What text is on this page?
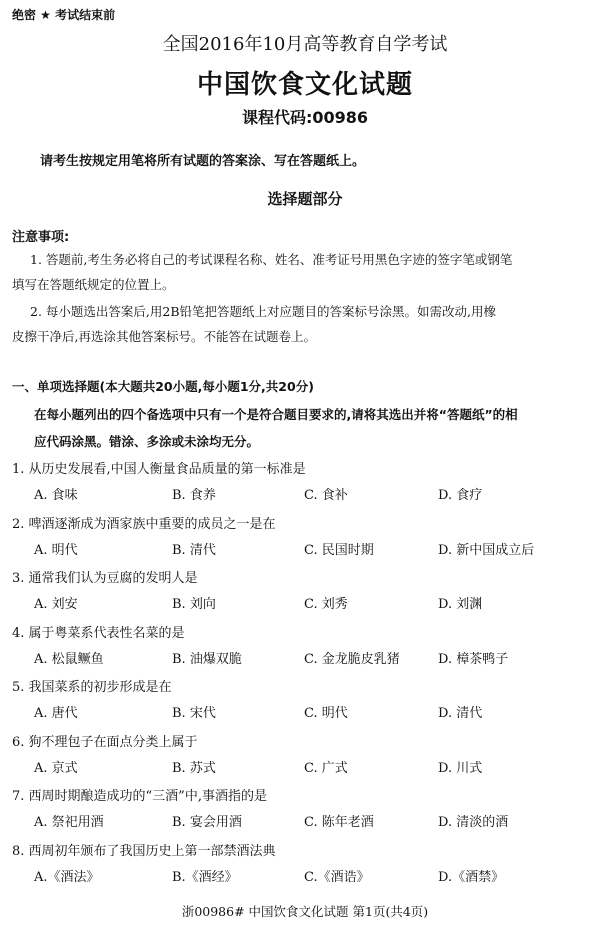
绝密 ★ 考试结束前
全国2016年10月高等教育自学考试
中国饮食文化试题
课程代码:00986
请考生按规定用笔将所有试题的答案涂、写在答题纸上。
选择题部分
注意事项:
1. 答题前,考生务必将自己的考试课程名称、姓名、准考证号用黑色字迹的签字笔或钢笔
填写在答题纸规定的位置上。
2. 每小题选出答案后,用2B铅笔把答题纸上对应题目的答案标号涂黑。如需改动,用橡
皮擦干净后,再选涂其他答案标号。不能答在试题卷上。
一、单项选择题(本大题共20小题,每小题1分,共20分)
在每小题列出的四个备选项中只有一个是符合题目要求的,请将其选出并将“答题纸”的相
应代码涂黑。错涂、多涂或未涂均无分。
1. 从历史发展看,中国人衡量食品质量的第一标准是
A. 食味	B. 食养	C. 食补	D. 食疗
2. 啤酒逐渐成为酒家族中重要的成员之一是在
A. 明代	B. 清代	C. 民国时期	D. 新中国成立后
3. 通常我们认为豆腐的发明人是
A. 刘安	B. 刘向	C. 刘秀	D. 刘渊
4. 属于粤菜系代表性名菜的是
A. 松鼠鳜鱼	B. 油爆双脆	C. 金龙脆皮乳猪	D. 樟茶鸭子
5. 我国菜系的初步形成是在
A. 唐代	B. 宋代	C. 明代	D. 清代
6. 狗不理包子在面点分类上属于
A. 京式	B. 苏式	C. 广式	D. 川式
7. 西周时期酿造成功的“三酒”中,事酒指的是
A. 祭祀用酒	B. 宴会用酒	C. 陈年老酒	D. 清淡的酒
8. 西周初年颁布了我国历史上第一部禁酒法典
A.《酒法》	B.《酒经》	C.《酒诰》	D.《酒禁》
浙00986# 中国饮食文化试题 第1页(共4页)
